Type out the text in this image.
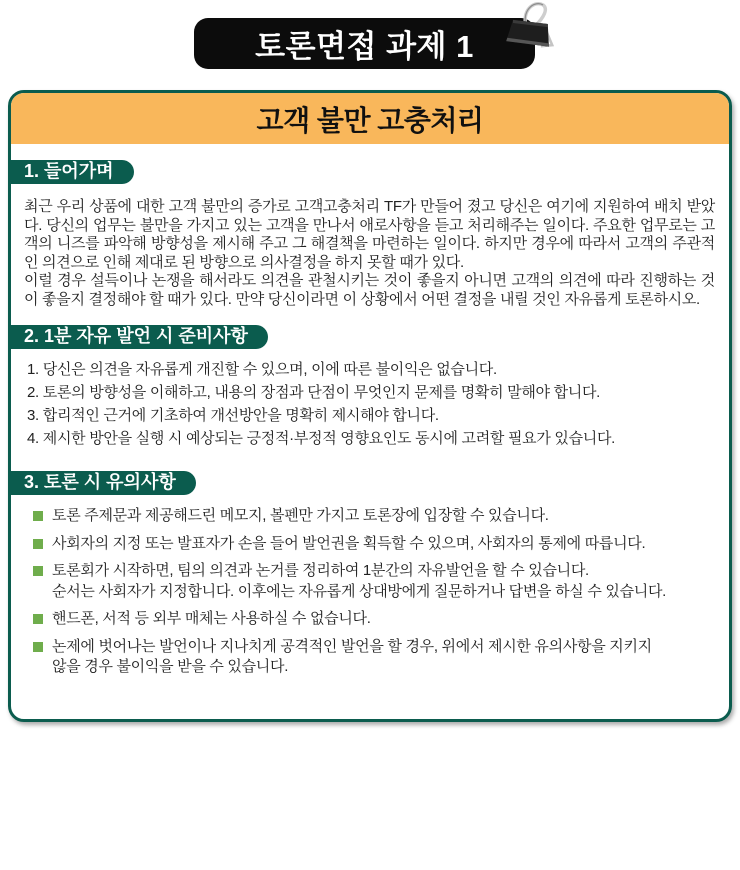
토론면접 과제 1
고객 불만 고충처리
1. 들어가며

최근 우리 상품에 대한 고객 불만의 증가로 고객고충처리 TF가 만들어 졌고 당신은 여기에 지원하여 배치 받았다. 당신의 업무는 불만을 가지고 있는 고객을 만나서 애로사항을 듣고 처리해주는 일이다. 주요한 업무로는 고객의 니즈를 파악해 방향성을 제시해 주고 그 해결책을 마련하는 일이다. 하지만 경우에 따라서 고객의 주관적인 의견으로 인해 제대로 된 방향으로 의사결정을 하지 못할 때가 있다.

이럴 경우 설득이나 논쟁을 해서라도 의견을 관철시키는 것이 좋을지 아니면 고객의 의견에 따라 진행하는 것이 좋을지 결정해야 할 때가 있다. 만약 당신이라면 이 상황에서 어떤 결정을 내릴 것인 자유롭게 토론하시오.

2. 1분 자유 발언 시 준비사항
1. 당신은 의견을 자유롭게 개진할 수 있으며, 이에 따른 불이익은 없습니다.
2. 토론의 방향성을 이해하고, 내용의 장점과 단점이 무엇인지 문제를 명확히 말해야 합니다.
3. 합리적인 근거에 기초하여 개선방안을 명확히 제시해야 합니다.
4. 제시한 방안을 실행 시 예상되는 긍정적·부정적 영향요인도 동시에 고려할 필요가 있습니다.
3. 토론 시 유의사항
토론 주제문과 제공해드린 메모지, 볼펜만 가지고 토론장에 입장할 수 있습니다.
사회자의 지정 또는 발표자가 손을 들어 발언권을 획득할 수 있으며, 사회자의 통제에 따릅니다.
토론회가 시작하면, 팀의 의견과 논거를 정리하여 1분간의 자유발언을 할 수 있습니다.
순서는 사회자가 지정합니다. 이후에는 자유롭게 상대방에게 질문하거나 답변을 하실 수 있습니다.
핸드폰, 서적 등 외부 매체는 사용하실 수 없습니다.
논제에 벗어나는 발언이나 지나치게 공격적인 발언을 할 경우, 위에서 제시한 유의사항을 지키지
않을 경우 불이익을 받을 수 있습니다.
